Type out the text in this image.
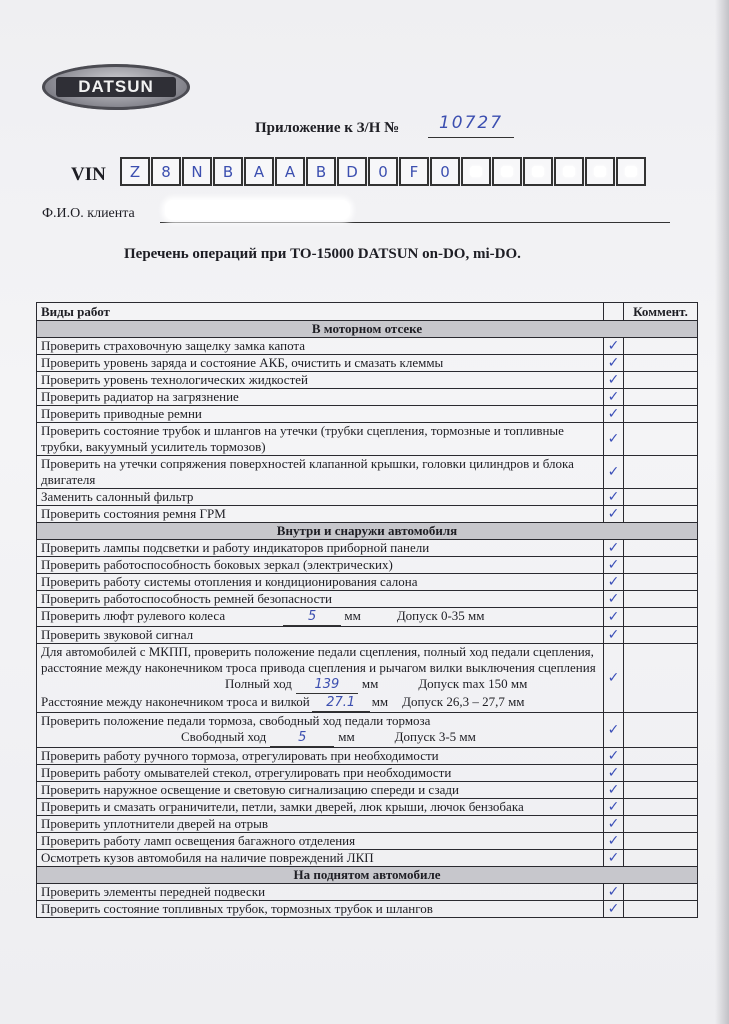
DATSUN
Приложение к З/Н №	10727
VIN	Z	8	N	B	A	A	B	D	0	F	0
Ф.И.О. клиента
Перечень операций при ТО-15000 DATSUN on-DO, mi-DO.
Виды работ		Коммент.
В моторном отсеке		
Проверить страховочную защелку замка капота	✓	
Проверить уровень заряда и состояние АКБ, очистить и смазать клеммы	✓	
Проверить уровень технологических жидкостей	✓	
Проверить радиатор на загрязнение	✓	
Проверить приводные ремни	✓	
Проверить состояние трубок и шлангов на утечки (трубки сцепления, тормозные и топливные трубки, вакуумный усилитель тормозов)	✓	
Проверить на утечки сопряжения поверхностей клапанной крышки, головки цилиндров и блока двигателя	✓	
Заменить салонный фильтр	✓	
Проверить состояния ремня ГРМ	✓	
Внутри и снаружи автомобиля		
Проверить лампы подсветки и работу индикаторов приборной панели	✓	
Проверить работоспособность боковых зеркал (электрических)	✓	
Проверить работу системы отопления и кондиционирования салона	✓	
Проверить работоспособность ремней безопасности	✓	
Проверить люфт рулевого колеса 5 мм Допуск 0-35 мм	✓	
Проверить звуковой сигнал	✓	

Для автомобилей с МКПП, проверить положение педали сцепления, полный ход педали сцепления, расстояние между наконечником троса привода сцепления и рычагом вилки выключения сцепления
Полный ход 139 мм Допуск max 150 мм
Расстояние между наконечником троса и вилкой 27.1 мм Допуск 26,3 – 27,7 мм	✓	

Проверить положение педали тормоза, свободный ход педали тормоза
Свободный ход 5 мм Допуск 3-5 мм	✓	
Проверить работу ручного тормоза, отрегулировать при необходимости	✓	
Проверить работу омывателей стекол, отрегулировать при необходимости	✓	
Проверить наружное освещение и световую сигнализацию спереди и сзади	✓	
Проверить и смазать ограничители, петли, замки дверей, люк крыши, лючок бензобака	✓	
Проверить уплотнители дверей на отрыв	✓	
Проверить работу ламп освещения багажного отделения	✓	
Осмотреть кузов автомобиля на наличие повреждений ЛКП	✓	
На поднятом автомобиле		
Проверить элементы передней подвески	✓	
Проверить состояние топливных трубок, тормозных трубок и шлангов	✓	
